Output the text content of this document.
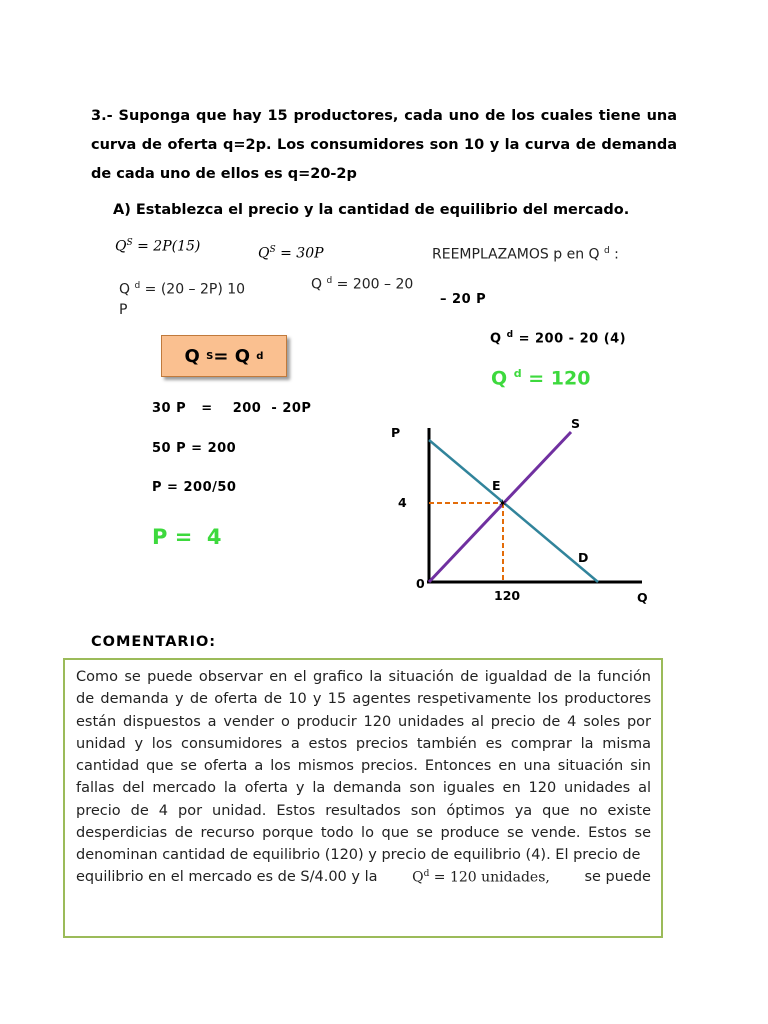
3.- Suponga que hay 15 productores, cada uno de los cuales tiene una curva de oferta q=2p. Los consumidores son 10 y la curva de demanda de cada uno de ellos es q=20-2p
A) Establezca el precio y la cantidad de equilibrio del mercado.
$Q^S = 2P(15)$	$Q^S = 30P$	REEMPLAZAMOS p en Q $^d$ :
Q $^d$ = (20 – 2P) 10
P
Q $^d$ = 200 – 20
– 20 P
Q $^d$ = 200 - 20 (4)
Q $^d$ = 120
Q
S = Q
d
30 P   =    200  - 20P
50 P = 200
P = 200/50
P =  4
✶
P
S
E
4
D
0
120	Q
COMENTARIO:
Como se puede observar en el grafico la situación de igualdad de la función de demanda y de oferta de 10 y 15 agentes respetivamente los productores están dispuestos a vender o producir 120 unidades al precio de 4 soles por unidad y los consumidores a estos precios también es comprar la misma cantidad que se oferta a los mismos precios. Entonces en una situación sin fallas del mercado la oferta y la demanda son iguales en 120 unidades al precio de 4 por unidad. Estos resultados son óptimos ya que no existe desperdicias de recurso porque todo lo que se produce se vende. Estos se denominan cantidad de equilibrio (120) y precio de equilibrio (4). El precio de
equilibrio en el mercado es de S/4.00 y la $Q^d = 120$ unidades, se puede
